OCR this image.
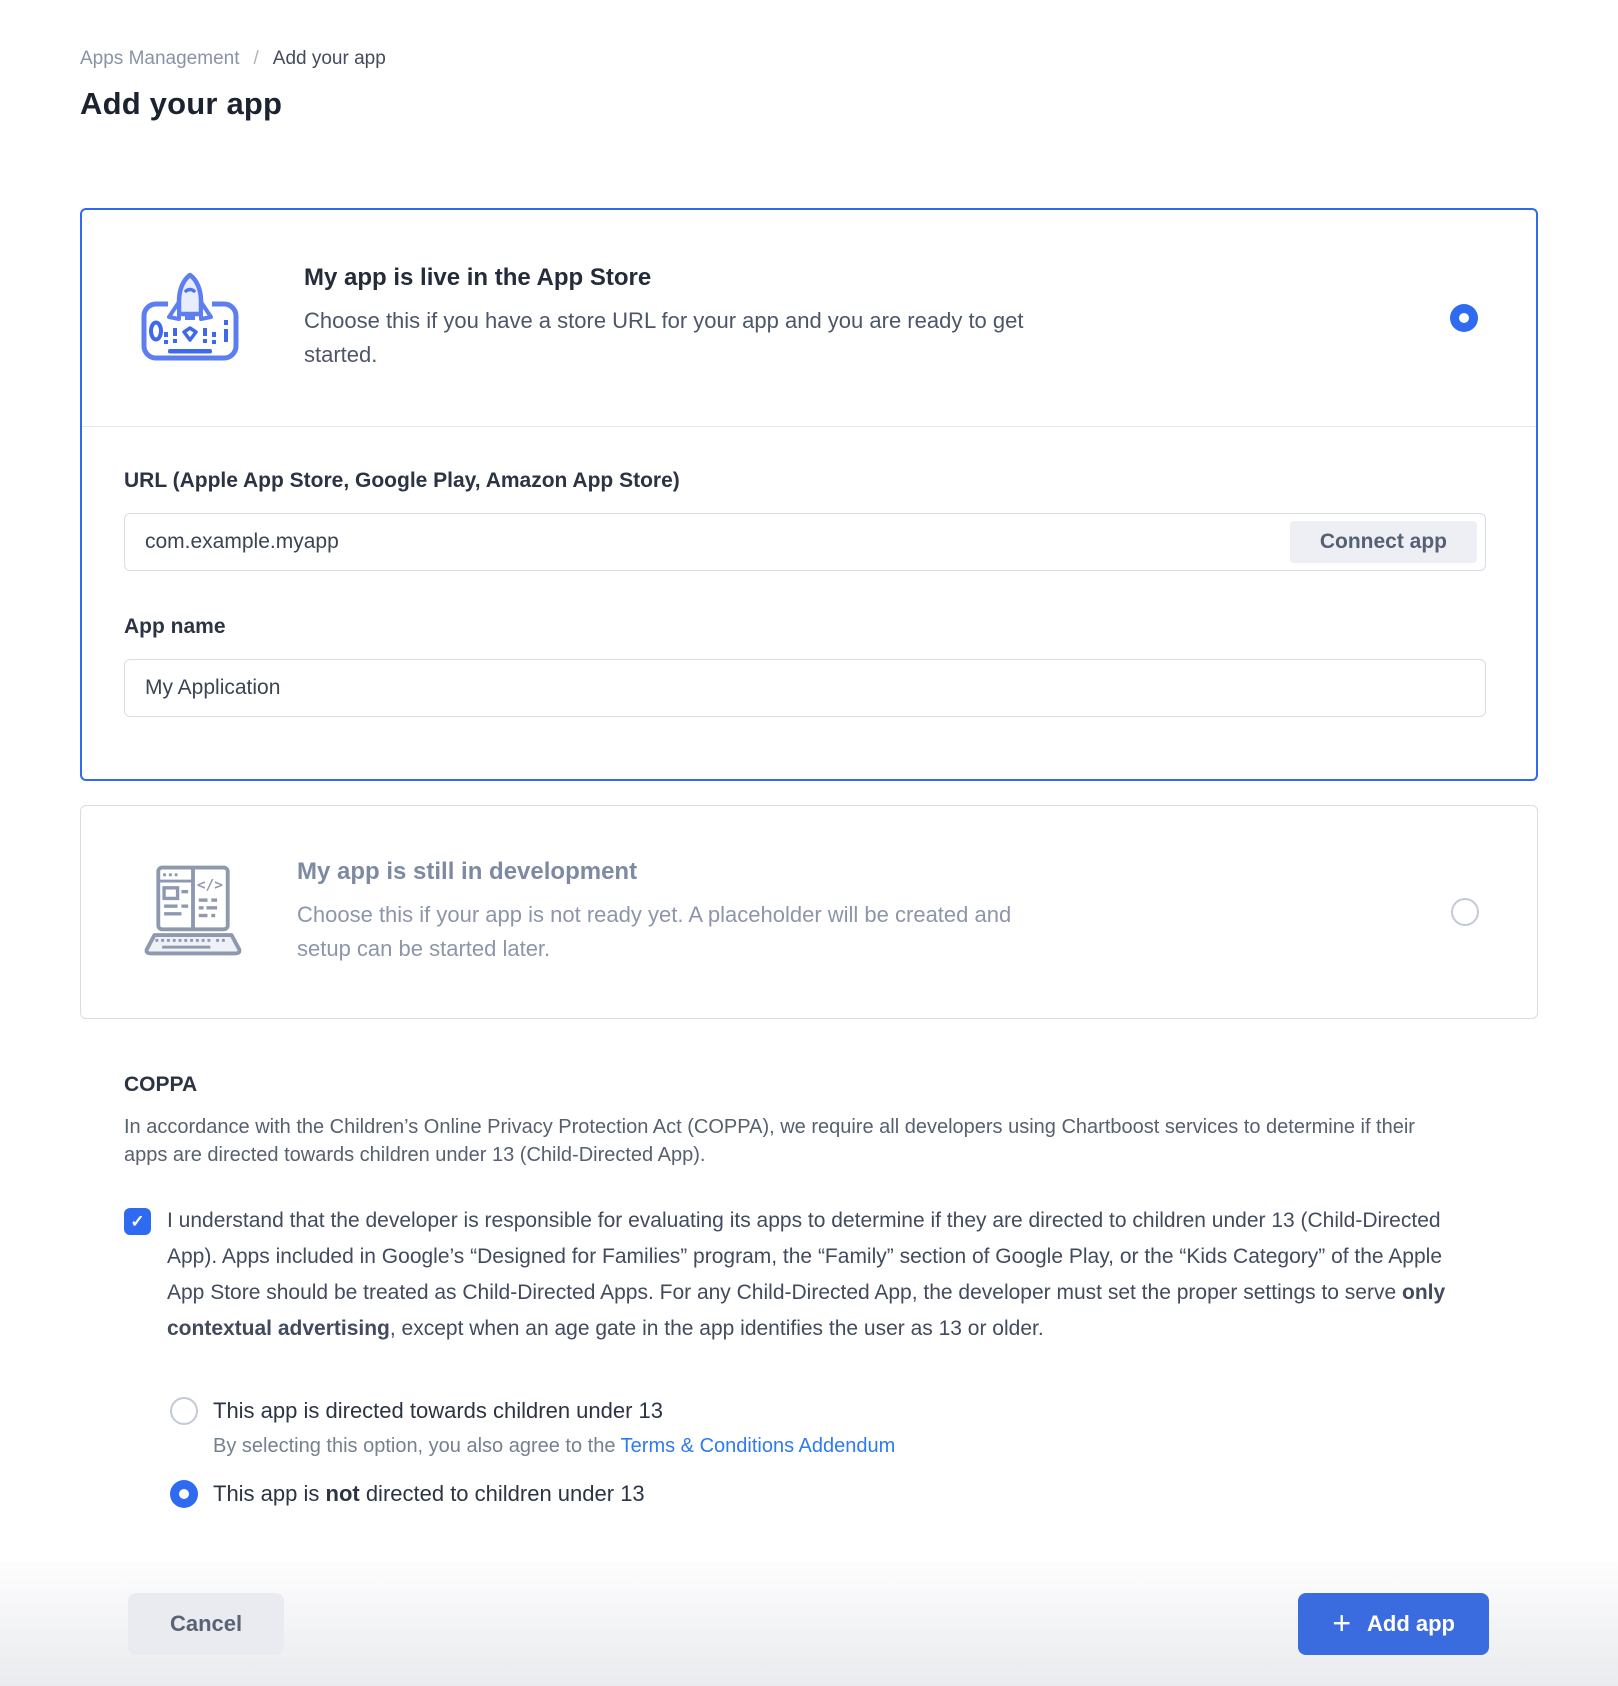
Apps Management / Add your app
Add your app
My app is live in the App Store
Choose this if you have a store URL for your app and you are ready to get started.
URL (Apple App Store, Google Play, Amazon App Store)
com.example.myapp
Connect app
App name
My Application
</>
My app is still in development
Choose this if your app is not ready yet. A placeholder will be created and setup can be started later.
COPPA
In accordance with the Children’s Online Privacy Protection Act (COPPA), we require all developers using Chartboost services to determine if their apps are directed towards children under 13 (Child-Directed App).
✓ I understand that the developer is responsible for evaluating its apps to determine if they are directed to children under 13 (Child-Directed App). Apps included in Google’s “Designed for Families” program, the “Family” section of Google Play, or the “Kids Category” of the Apple App Store should be treated as Child-Directed Apps. For any Child-Directed App, the developer must set the proper settings to serve only contextual advertising, except when an age gate in the app identifies the user as 13 or older.
This app is directed towards children under 13
By selecting this option, you also agree to the Terms & Conditions Addendum
This app is not directed to children under 13
Cancel	+ Add app
